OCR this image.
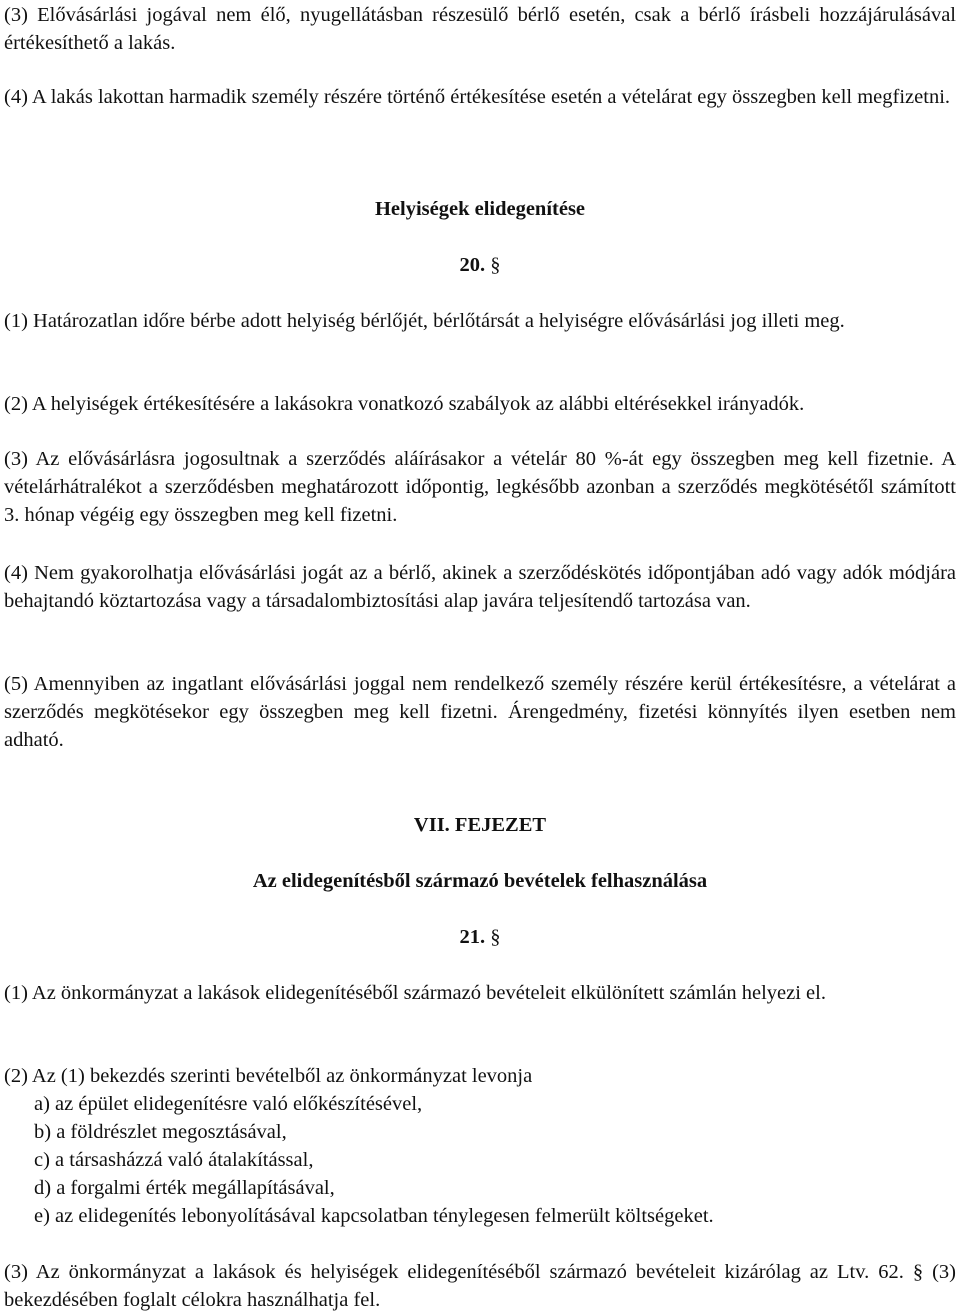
(3) Elővásárlási jogával nem élő, nyugellátásban részesülő bérlő esetén, csak a bérlő írásbeli hozzájárulásával értékesíthető a lakás.

(4) A lakás lakottan harmadik személy részére történő értékesítése esetén a vételárat egy összegben kell megfizetni.

Helyiségek elidegenítése
20. §

(1) Határozatlan időre bérbe adott helyiség bérlőjét, bérlőtársát a helyiségre elővásárlási jog illeti meg.

(2) A helyiségek értékesítésére a lakásokra vonatkozó szabályok az alábbi eltérésekkel irányadók.

(3) Az elővásárlásra jogosultnak a szerződés aláírásakor a vételár 80 %-át egy összegben meg kell fizetnie. A vételárhátralékot a szerződésben meghatározott időpontig, legkésőbb azonban a szerződés megkötésétől számított 3. hónap végéig egy összegben meg kell fizetni.

(4) Nem gyakorolhatja elővásárlási jogát az a bérlő, akinek a szerződéskötés időpontjában adó vagy adók módjára behajtandó köztartozása vagy a társadalombiztosítási alap javára teljesítendő tartozása van.

(5) Amennyiben az ingatlant elővásárlási joggal nem rendelkező személy részére kerül értékesítésre, a vételárat a szerződés megkötésekor egy összegben meg kell fizetni. Árengedmény, fizetési könnyítés ilyen esetben nem adható.

VII. FEJEZET
Az elidegenítésből származó bevételek felhasználása
21. §

(1) Az önkormányzat a lakások elidegenítéséből származó bevételeit elkülönített számlán helyezi el.

(2) Az (1) bekezdés szerinti bevételből az önkormányzat levonja

a) az épület elidegenítésre való előkészítésével,
b) a földrészlet megosztásával,
c) a társasházzá való átalakítással,
d) a forgalmi érték megállapításával,
e) az elidegenítés lebonyolításával kapcsolatban ténylegesen felmerült költségeket.

(3) Az önkormányzat a lakások és helyiségek elidegenítéséből származó bevételeit kizárólag az Ltv. 62. § (3) bekezdésében foglalt célokra használhatja fel.
